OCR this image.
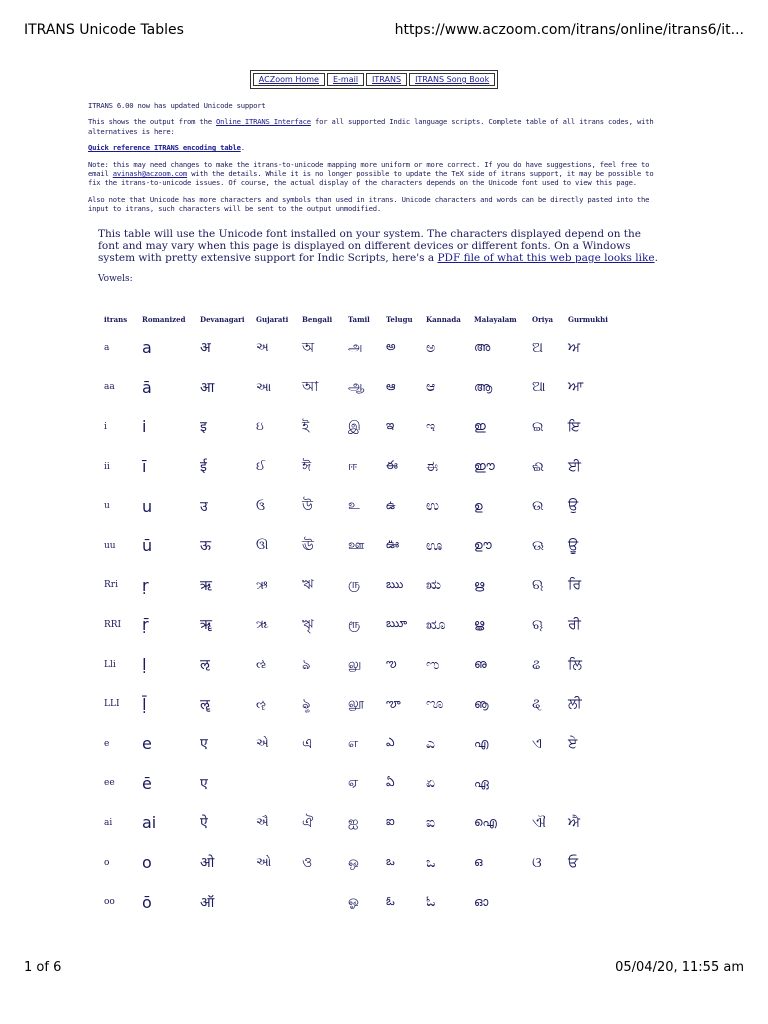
ITRANS Unicode Tables	https://www.aczoom.com/itrans/online/itrans6/it...
ACZoom Home	E-mail	ITRANS	ITRANS Song Book

ITRANS 6.00 now has updated Unicode support

This shows the output from the Online ITRANS Interface for all supported Indic language scripts. Complete table of all itrans codes, with alternatives is here:

Quick reference ITRANS encoding table.

Note: this may need changes to make the itrans-to-unicode mapping more uniform or more correct. If you do have suggestions, feel free to email avinash@aczoom.com with the details. While it is no longer possible to update the TeX side of itrans support, it may be possible to fix the itrans-to-unicode issues. Of course, the actual display of the characters depends on the Unicode font used to view this page.

Also note that Unicode has more characters and symbols than used in itrans. Unicode characters and words can be directly pasted into the input to itrans, such characters will be sent to the output unmodified.

This table will use the Unicode font installed on your system. The characters displayed depend on the font and may vary when this page is displayed on different devices or different fonts. On a Windows system with pretty extensive support for Indic Scripts, here's a PDF file of what this web page looks like.

Vowels:
itrans	Romanized	Devanagari	Gujarati	Bengali	Tamil	Telugu	Kannada	Malayalam	Oriya	Gurmukhi
a	a	अ	અ	অ	அ	అ	ಅ	അ	ଅ	ਅ
aa	ā	आ	આ	আ	ஆ	ఆ	ಆ	ആ	ଆ	ਆ
i	i	इ	ઇ	ই	இ	ఇ	ಇ	ഇ	ଇ	ਇ
ii	ī	ई	ઈ	ঈ	ஈ	ఈ	ಈ	ഈ	ଈ	ਈ
u	u	उ	ઉ	উ	உ	ఉ	ಉ	ഉ	ଉ	ਉ
uu	ū	ऊ	ઊ	ঊ	ஊ	ఊ	ಊ	ഊ	ଊ	ਊ
Rri	ṛ	ऋ	ઋ	ঋ	ரு	ఋ	ಋ	ഋ	ଋ	ਰਿ
RRI	ṝ	ॠ	ૠ	ৠ	ரூ	ౠ	ೠ	ൠ	ୠ	ਰੀ
Lli	ḷ	ऌ	ઌ	ঌ	லு	ఌ	ಌ	ഌ	ଌ	ਲਿ
LLI	ḹ	ॡ	ૡ	ৡ	லூ	ౡ	ೡ	ൡ	ୡ	ਲੀ
e	e	ए	એ	এ	எ	ఎ	ಎ	എ	ଏ	ਏ
ee	ē	ए			ஏ	ఏ	ಏ	ഏ		
ai	ai	ऐ	ઐ	ঐ	ஐ	ఐ	ಐ	ഐ	ଐ	ਐ
o	o	ओ	ઓ	ও	ஒ	ఒ	ಒ	ഒ	ଓ	ਓ
oo	ō	ऑ			ஓ	ఓ	ಓ	ഓ		
1 of 6	05/04/20, 11:55 am
